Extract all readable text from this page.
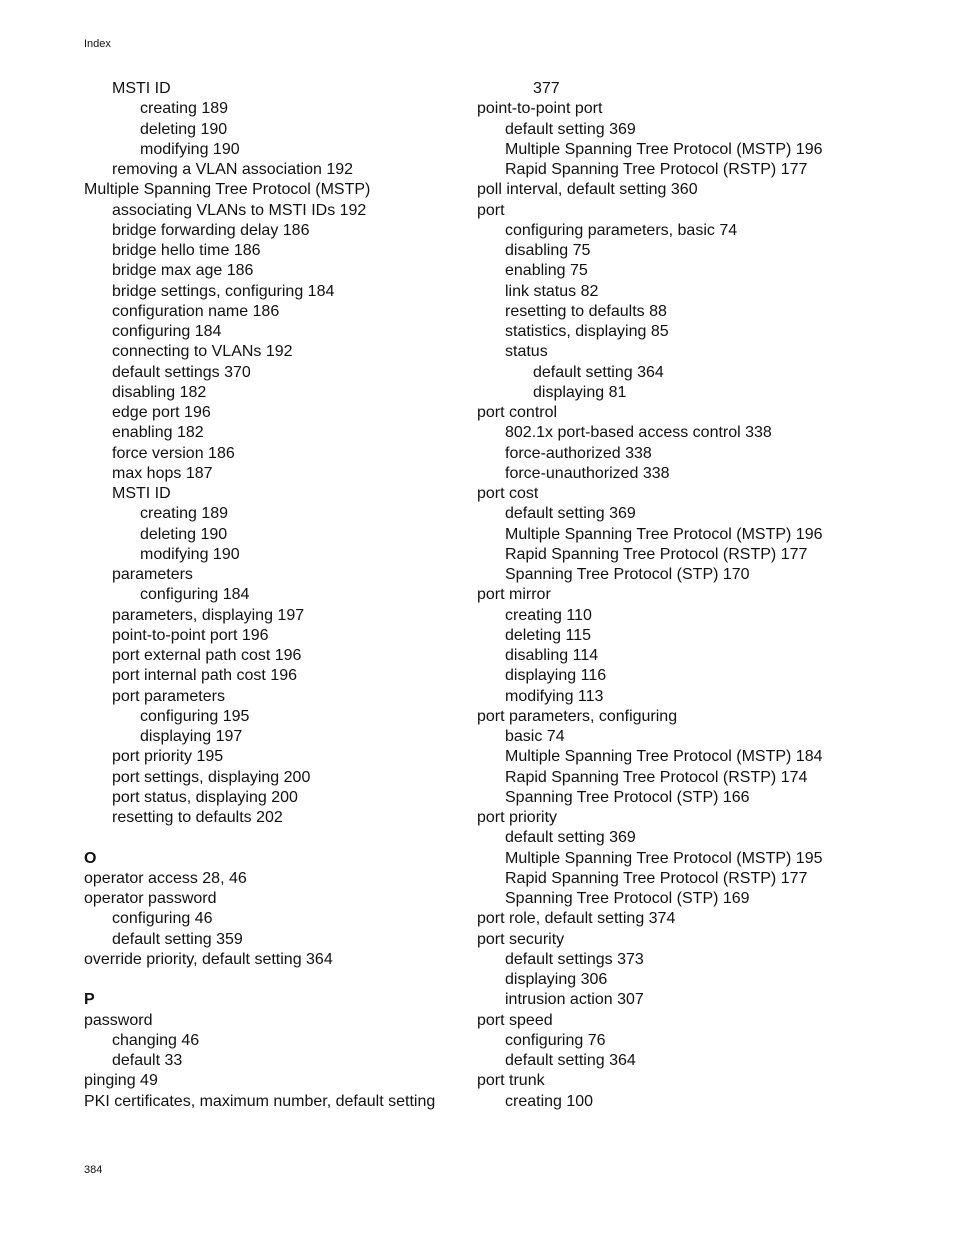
Index
MSTI ID
creating 189
deleting 190
modifying 190
removing a VLAN association 192
Multiple Spanning Tree Protocol (MSTP)
associating VLANs to MSTI IDs 192
bridge forwarding delay 186
bridge hello time 186
bridge max age 186
bridge settings, configuring 184
configuration name 186
configuring 184
connecting to VLANs 192
default settings 370
disabling 182
edge port 196
enabling 182
force version 186
max hops 187
MSTI ID
creating 189
deleting 190
modifying 190
parameters
configuring 184
parameters, displaying 197
point-to-point port 196
port external path cost 196
port internal path cost 196
port parameters
configuring 195
displaying 197
port priority 195
port settings, displaying 200
port status, displaying 200
resetting to defaults 202
O
operator access 28, 46
operator password
configuring 46
default setting 359
override priority, default setting 364
P
password
changing 46
default 33
pinging 49
PKI certificates, maximum number, default setting
377
point-to-point port
default setting 369
Multiple Spanning Tree Protocol (MSTP) 196
Rapid Spanning Tree Protocol (RSTP) 177
poll interval, default setting 360
port
configuring parameters, basic 74
disabling 75
enabling 75
link status 82
resetting to defaults 88
statistics, displaying 85
status
default setting 364
displaying 81
port control
802.1x port-based access control 338
force-authorized 338
force-unauthorized 338
port cost
default setting 369
Multiple Spanning Tree Protocol (MSTP) 196
Rapid Spanning Tree Protocol (RSTP) 177
Spanning Tree Protocol (STP) 170
port mirror
creating 110
deleting 115
disabling 114
displaying 116
modifying 113
port parameters, configuring
basic 74
Multiple Spanning Tree Protocol (MSTP) 184
Rapid Spanning Tree Protocol (RSTP) 174
Spanning Tree Protocol (STP) 166
port priority
default setting 369
Multiple Spanning Tree Protocol (MSTP) 195
Rapid Spanning Tree Protocol (RSTP) 177
Spanning Tree Protocol (STP) 169
port role, default setting 374
port security
default settings 373
displaying 306
intrusion action 307
port speed
configuring 76
default setting 364
port trunk
creating 100
384
